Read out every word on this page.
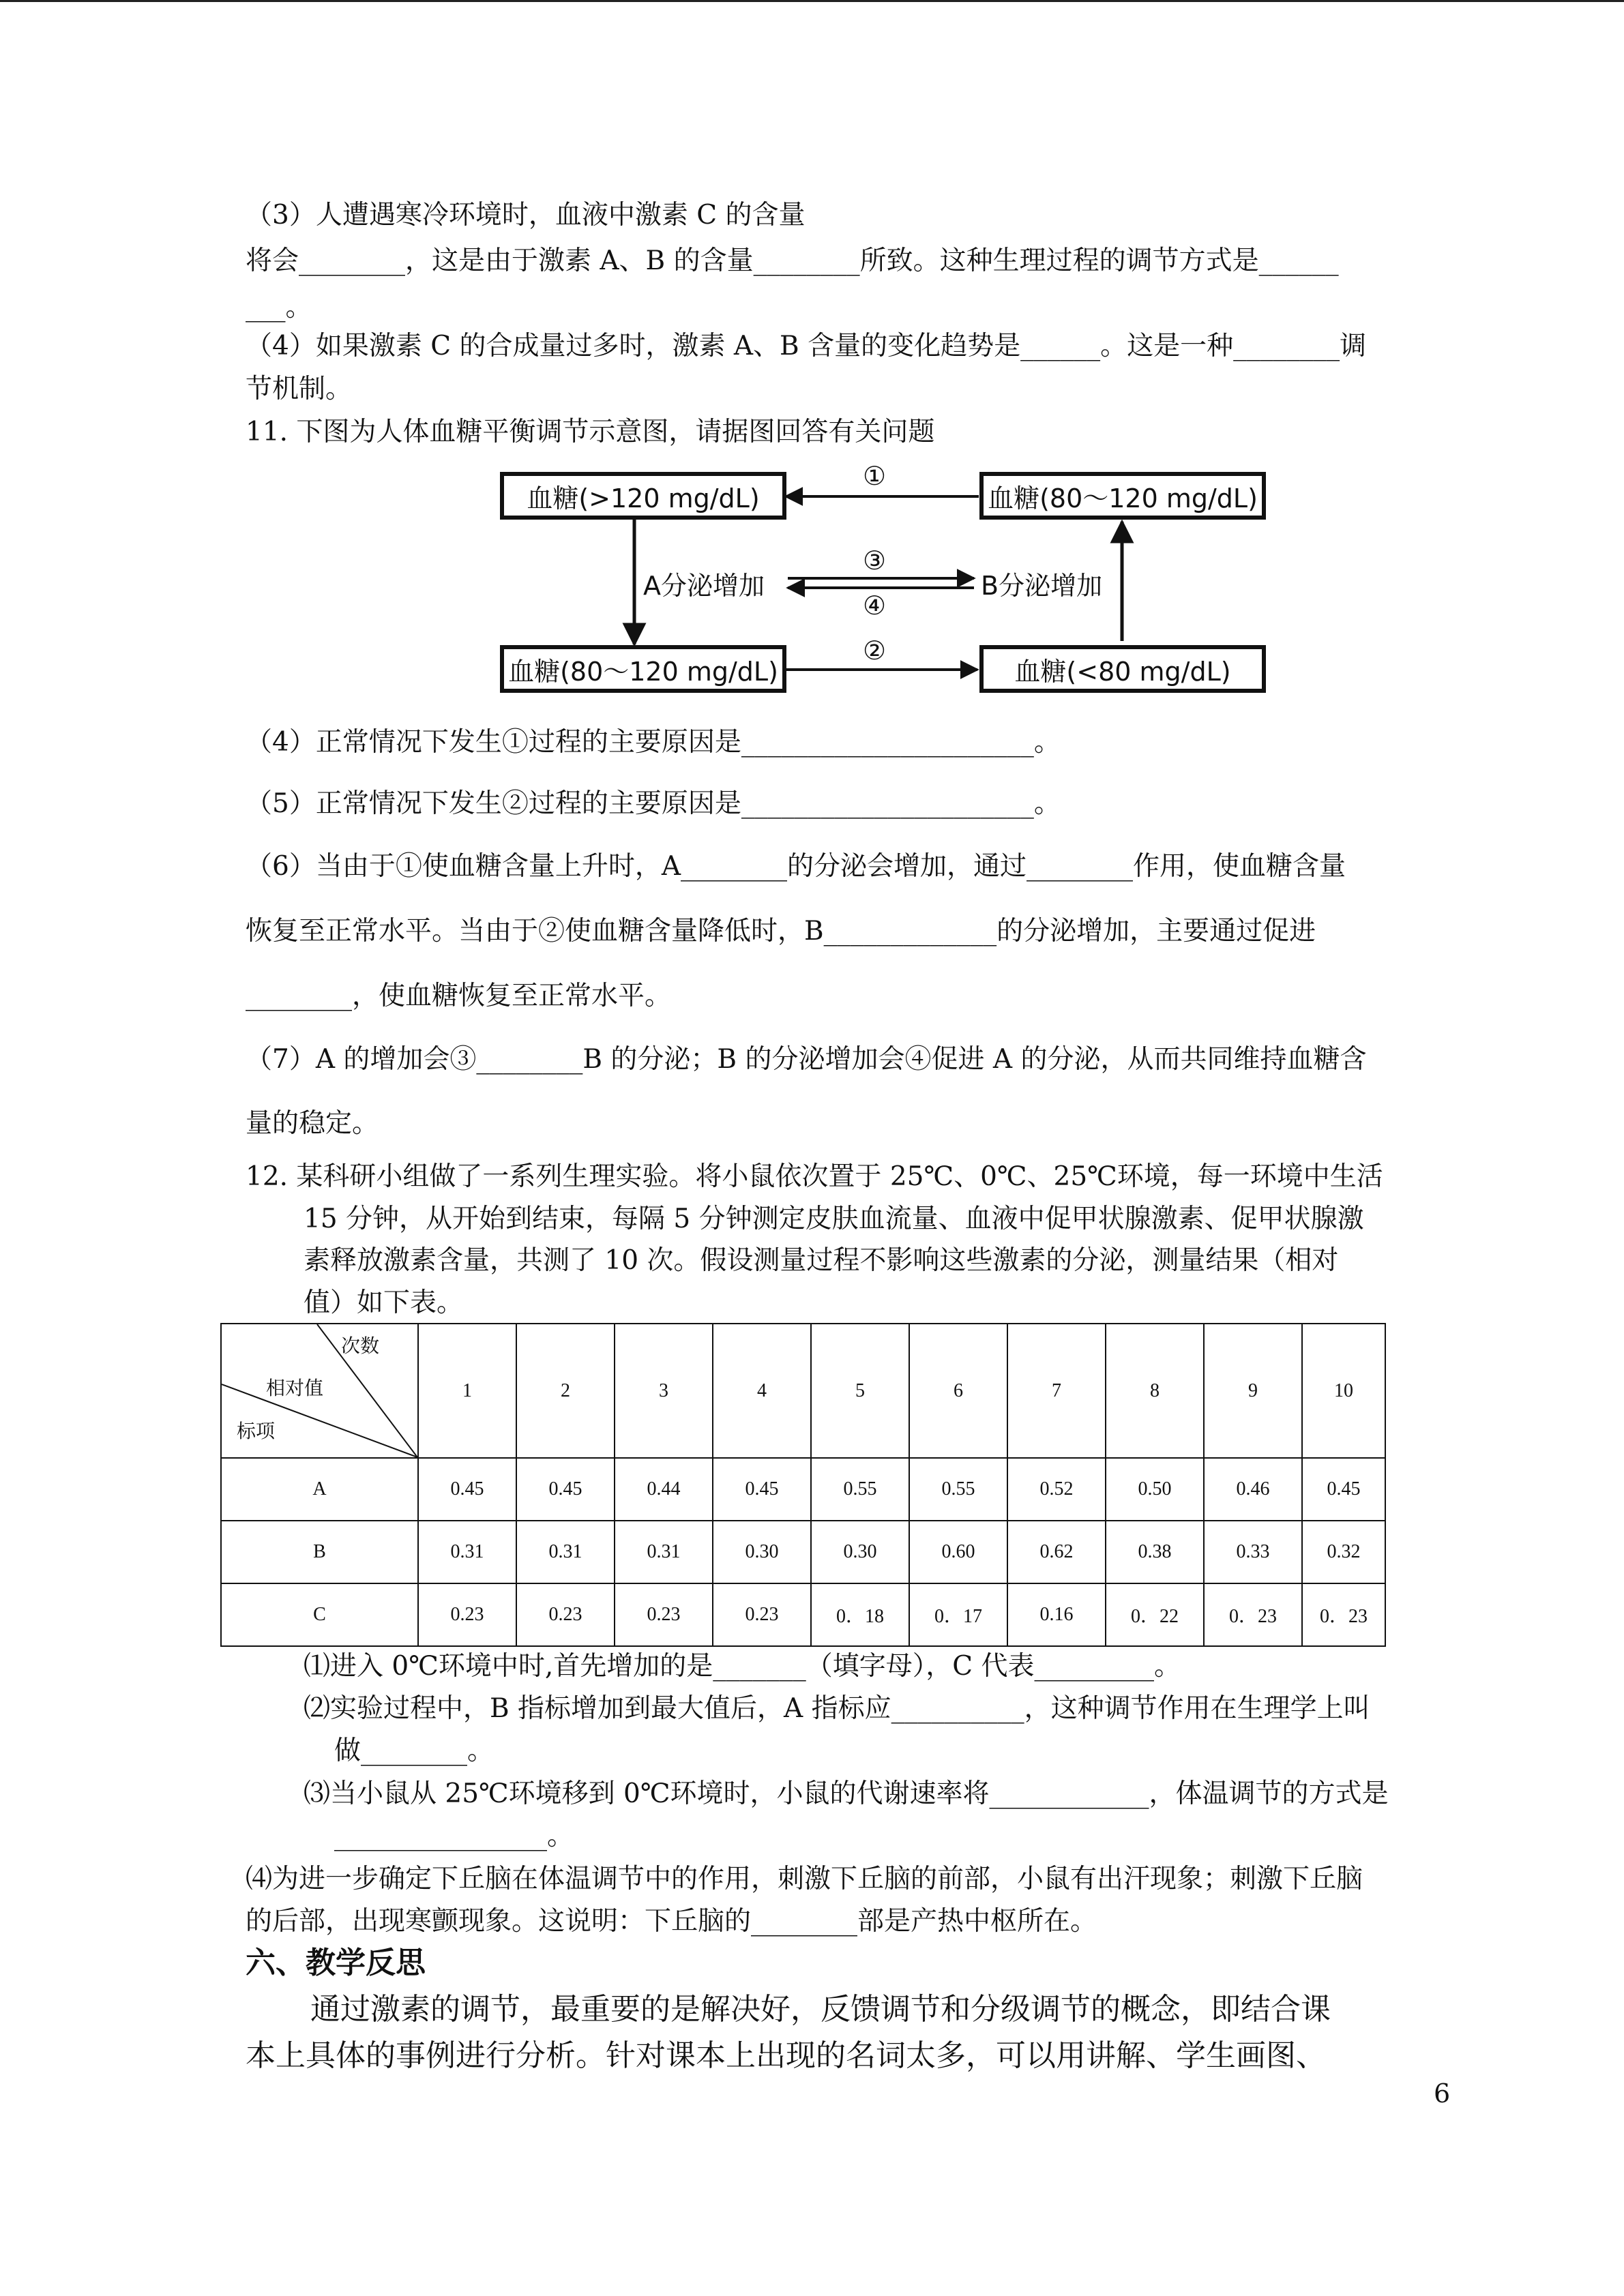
（3）人遭遇寒冷环境时，血液中激素 C 的含量
将会________，这是由于激素 A、B 的含量________所致。这种生理过程的调节方式是______
___。
（4）如果激素 C 的合成量过多时，激素 A、B 含量的变化趋势是______。这是一种________调
节机制。
11. 下图为人体血糖平衡调节示意图，请据图回答有关问题
血糖(>120 mg/dL)	血糖(80～120 mg/dL)
血糖(80～120 mg/dL)	血糖(<80 mg/dL)
①
③
④
②
A分泌增加	B分泌增加
（4）正常情况下发生①过程的主要原因是______________________。
（5）正常情况下发生②过程的主要原因是______________________。
（6）当由于①使血糖含量上升时，A________的分泌会增加，通过________作用，使血糖含量
恢复至正常水平。当由于②使血糖含量降低时，B_____________的分泌增加，主要通过促进
________，使血糖恢复至正常水平。
（7）A 的增加会③________B 的分泌；B 的分泌增加会④促进 A 的分泌，从而共同维持血糖含
量的稳定。
12. 某科研小组做了一系列生理实验。将小鼠依次置于 25℃、0℃、25℃环境，每一环境中生活
15 分钟，从开始到结束，每隔 5 分钟测定皮肤血流量、血液中促甲状腺激素、促甲状腺激
素释放激素含量，共测了 10 次。假设测量过程不影响这些激素的分泌，测量结果（相对
值）如下表。
次数
相对值
标项	1	2	3	4	5	6	7	8	9	10
A	0.45	0.45	0.44	0.45	0.55	0.55	0.52	0.50	0.46	0.45
B	0.31	0.31	0.31	0.30	0.30	0.60	0.62	0.38	0.33	0.32
C	0.23	0.23	0.23	0.23	0．18	0．17	0.16	0．22	0．23	0．23
⑴进入 0℃环境中时,首先增加的是_______（填字母），C 代表_________。
⑵实验过程中，B 指标增加到最大值后，A 指标应__________，这种调节作用在生理学上叫
做________。
⑶当小鼠从 25℃环境移到 0℃环境时，小鼠的代谢速率将____________，体温调节的方式是
________________。
⑷为进一步确定下丘脑在体温调节中的作用，刺激下丘脑的前部，小鼠有出汗现象；刺激下丘脑
的后部，出现寒颤现象。这说明：下丘脑的________部是产热中枢所在。
六、教学反思
通过激素的调节，最重要的是解决好，反馈调节和分级调节的概念，即结合课
本上具体的事例进行分析。针对课本上出现的名词太多，可以用讲解、学生画图、
6
